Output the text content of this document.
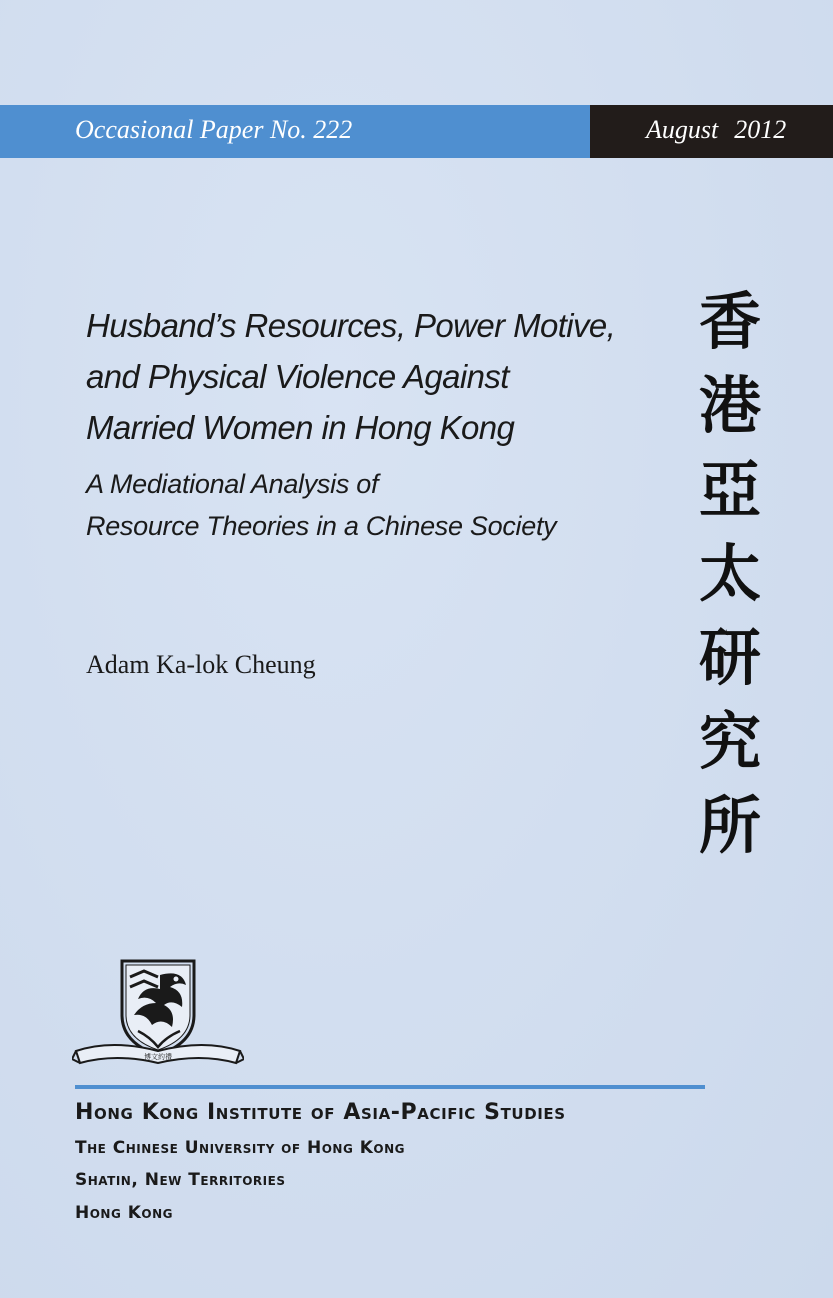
Occasional Paper No. 222	August 2012
Husband’s Resources, Power Motive,
and Physical Violence Against
Married Women in Hong Kong
A Mediational Analysis of
Resource Theories in a Chinese Society
Adam Ka-lok Cheung
香
港
亞
太
研
究
所
博文約禮
Hong Kong Institute of Asia-Pacific Studies
The Chinese University of Hong Kong
Shatin, New Territories
Hong Kong
